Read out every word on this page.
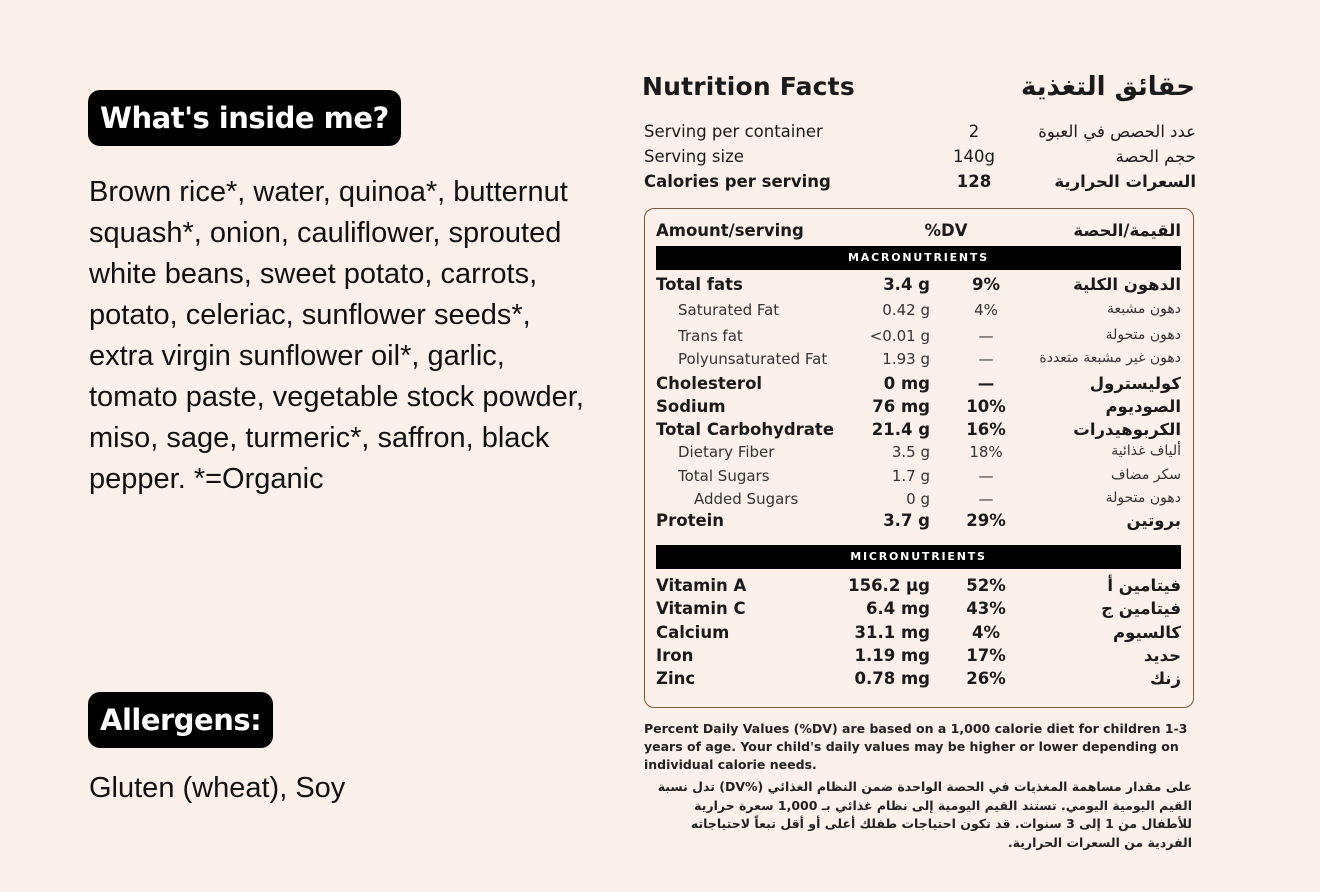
What's inside me?

Brown rice*, water, quinoa*, butternut squash*, onion, cauliflower, sprouted white beans, sweet potato, carrots, potato, celeriac, sunflower seeds*, extra virgin sunflower oil*, garlic, tomato paste, vegetable stock powder, miso, sage, turmeric*, saffron, black pepper. *=Organic

Allergens:

Gluten (wheat), Soy

Nutrition Facts	حقائق التغذية
Serving per container	2	عدد الحصص في العبوة
Serving size	140g	حجم الحصة
Calories per serving	128	السعرات الحرارية
Amount/serving	%DV	القيمة/الحصة
MACRONUTRIENTS
Total fats	3.4 g	9%	الدهون الكلية
Saturated Fat	0.42 g	4%	دهون مشبعة
Trans fat	<0.01 g	—	دهون متحولة
Polyunsaturated Fat	1.93 g	—	دهون غير مشبعة متعددة
Cholesterol	0 mg	—	كوليسترول
Sodium	76 mg	10%	الصوديوم
Total Carbohydrate 21.4 g	16%	الكربوهيدرات
Dietary Fiber	3.5 g	18%	ألياف غذائية
Total Sugars	1.7 g	—	سكر مضاف
Added Sugars	0 g	—	دهون متحولة
Protein	3.7 g	29%	بروتين
MICRONUTRIENTS
Vitamin A	156.2 µg	52%	فيتامين أ
Vitamin C	6.4 mg	43%	فيتامين ج
Calcium	31.1 mg	4%	كالسيوم
Iron	1.19 mg	17%	حديد
Zinc	0.78 mg	26%	زنك

Percent Daily Values (%DV) are based on a 1,000 calorie diet for children 1-3 years of age. Your child's daily values may be higher or lower depending on individual calorie needs.

على مقدار مساهمة المغذيات في الحصة الواحدة ضمن النظام الغذائي (%DV) تدل نسبة القيم اليومية اليومي. تستند القيم اليومية إلى نظام غذائي بـ 1,000 سعرة حرارية للأطفال من 1 إلى 3 سنوات. قد تكون احتياجات طفلك أعلى أو أقل تبعاً لاحتياجاته الفردية من السعرات الحرارية.
